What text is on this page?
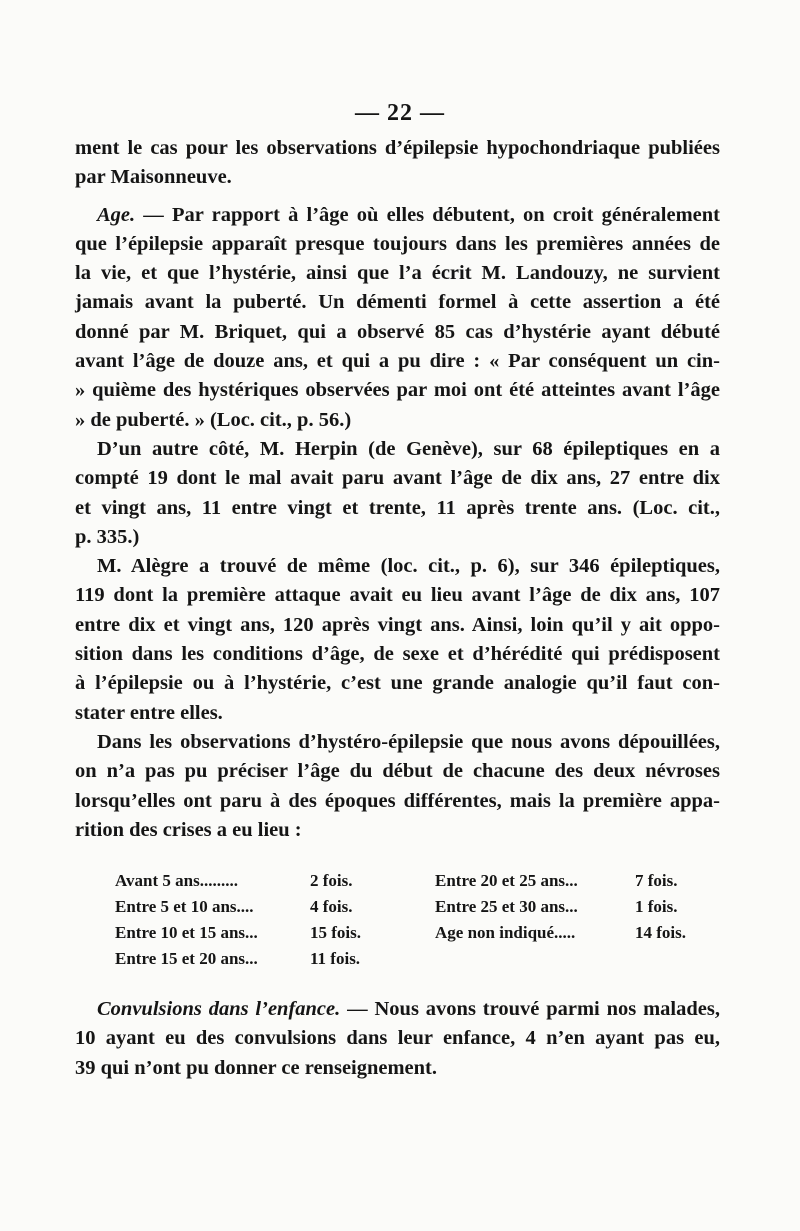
— 22 —

ment le cas pour les observations d’épilepsie hypochondriaque publiées
par Maisonneuve.

Age. — Par rapport à l’âge où elles débutent, on croit généralement
que l’épilepsie apparaît presque toujours dans les premières années de
la vie, et que l’hystérie, ainsi que l’a écrit M. Landouzy, ne survient
jamais avant la puberté. Un démenti formel à cette assertion a été
donné par M. Briquet, qui a observé 85 cas d’hystérie ayant débuté
avant l’âge de douze ans, et qui a pu dire : « Par conséquent un cin-
» quième des hystériques observées par moi ont été atteintes avant l’âge
» de puberté. » (Loc. cit., p. 56.)

D’un autre côté, M. Herpin (de Genève), sur 68 épileptiques en a
compté 19 dont le mal avait paru avant l’âge de dix ans, 27 entre dix
et vingt ans, 11 entre vingt et trente, 11 après trente ans. (Loc. cit.,
p. 335.)

M. Alègre a trouvé de même (loc. cit., p. 6), sur 346 épileptiques,
119 dont la première attaque avait eu lieu avant l’âge de dix ans, 107
entre dix et vingt ans, 120 après vingt ans. Ainsi, loin qu’il y ait oppo-
sition dans les conditions d’âge, de sexe et d’hérédité qui prédisposent
à l’épilepsie ou à l’hystérie, c’est une grande analogie qu’il faut con-
stater entre elles.

Dans les observations d’hystéro-épilepsie que nous avons dépouillées,
on n’a pas pu préciser l’âge du début de chacune des deux névroses
lorsqu’elles ont paru à des époques différentes, mais la première appa-
rition des crises a eu lieu :

Avant 5 ans.........	2 fois.	Entre 20 et 25 ans...	7 fois.
Entre 5 et 10 ans....	4 fois.	Entre 25 et 30 ans...	1 fois.
Entre 10 et 15 ans...	15 fois.	Age non indiqué.....	14 fois.
Entre 15 et 20 ans...	11 fois.		

Convulsions dans l’enfance. — Nous avons trouvé parmi nos malades,
10 ayant eu des convulsions dans leur enfance, 4 n’en ayant pas eu,
39 qui n’ont pu donner ce renseignement.
